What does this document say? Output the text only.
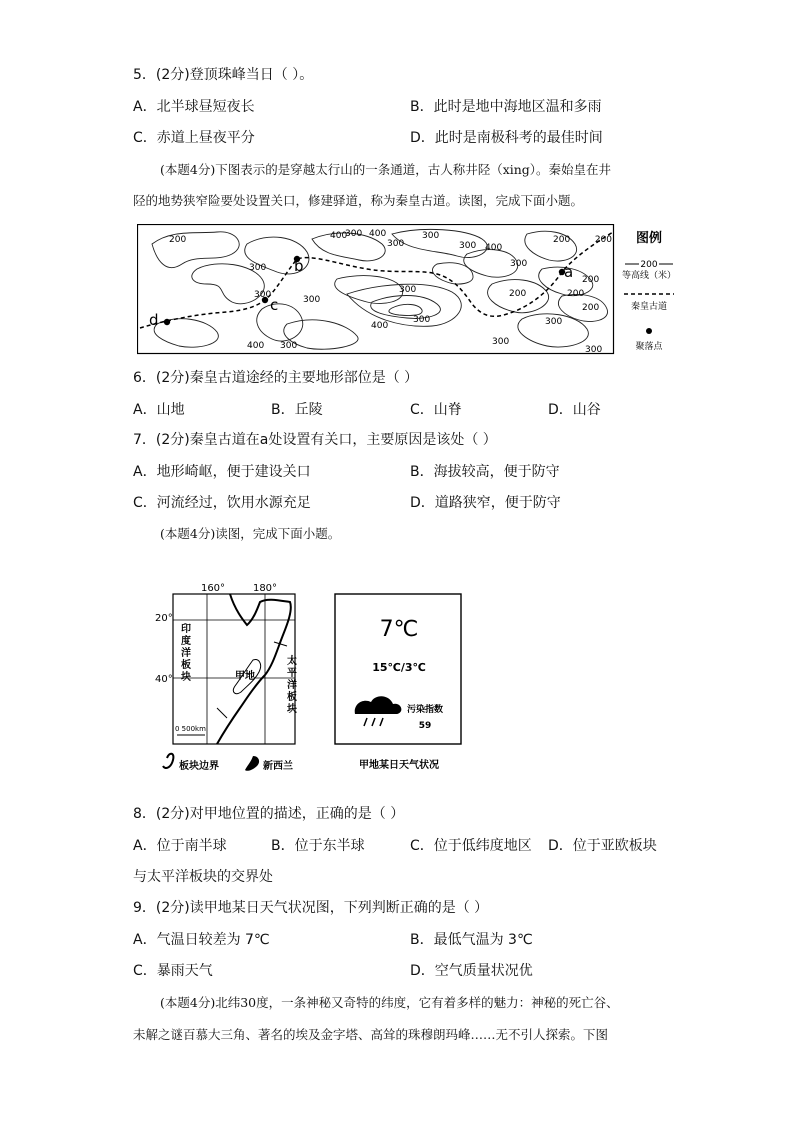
5．(2分)登顶珠峰当日（ ）。
A．北半球昼短夜长	B．此时是地中海地区温和多雨
C．赤道上昼夜平分	D．此时是南极科考的最佳时间
(本题4分)下图表示的是穿越太行山的一条通道，古人称井陉（xing）。秦始皇在井
陉的地势狭窄险要处设置关口，修建驿道，称为秦皇古道。读图，完成下面小题。
b	a
c
d
200
300
300
400
300 400
200	200
300
300	300
200
300
300
200	200
400
300
400
400 300	300
300
200
300
300
图例
200
等高线（米）
秦皇古道
聚落点
6．(2分)秦皇古道途经的主要地形部位是（ ）
A．山地	B．丘陵	C．山脊	D．山谷
7．(2分)秦皇古道在a处设置有关口，主要原因是该处（ ）
A．地形崎岖，便于建设关口	B．海拔较高，便于防守
C．河流经过，饮用水源充足	D．道路狭窄，便于防守
(本题4分)读图，完成下面小题。
160°	180°
20°
40°
印
度
洋
板
块
太
平
洋
板
块
甲地
0 500km
板块边界	新西兰
7℃
15℃/3℃
污染指数
59
甲地某日天气状况
8．(2分)对甲地位置的描述，正确的是（ ）
A．位于南半球	B．位于东半球	C．位于低纬度地区 D．位于亚欧板块
与太平洋板块的交界处
9．(2分)读甲地某日天气状况图，下列判断正确的是（ ）
A．气温日较差为 7℃	B．最低气温为 3℃
C．暴雨天气	D．空气质量状况优
(本题4分)北纬30度，一条神秘又奇特的纬度，它有着多样的魅力：神秘的死亡谷、
未解之谜百慕大三角、著名的埃及金字塔、高耸的珠穆朗玛峰……无不引人探索。下图
